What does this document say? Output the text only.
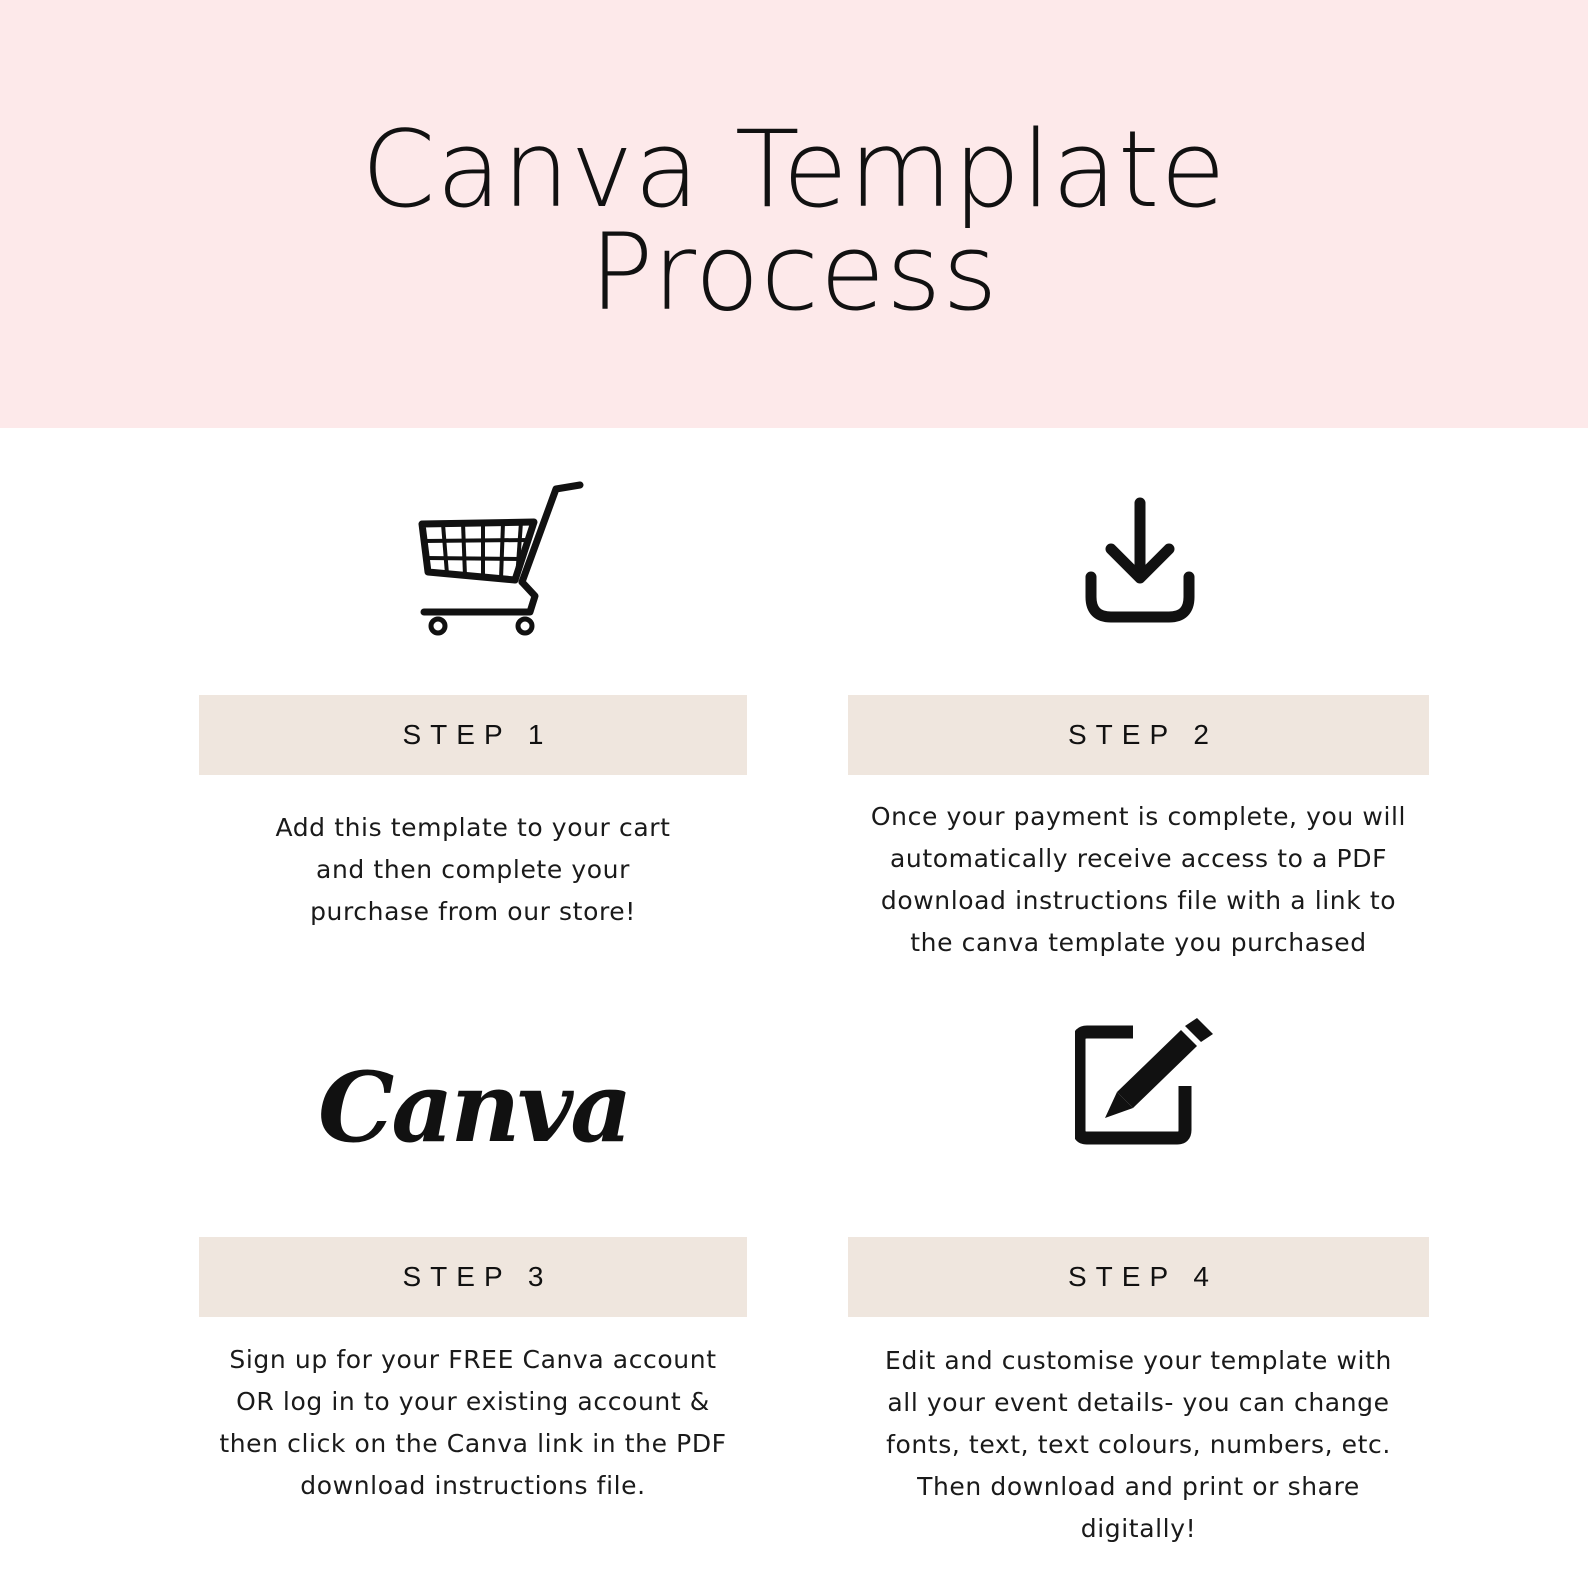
Canva Template
Process
Canva
STEP 1	STEP 2
STEP 3	STEP 4
Add this template to your cart
and then complete your
purchase from our store!
Once your payment is complete, you will
automatically receive access to a PDF
download instructions file with a link to
the canva template you purchased
Sign up for your FREE Canva account
OR log in to your existing account &
then click on the Canva link in the PDF
download instructions file.
Edit and customise your template with
all your event details- you can change
fonts, text, text colours, numbers, etc.
Then download and print or share
digitally!
